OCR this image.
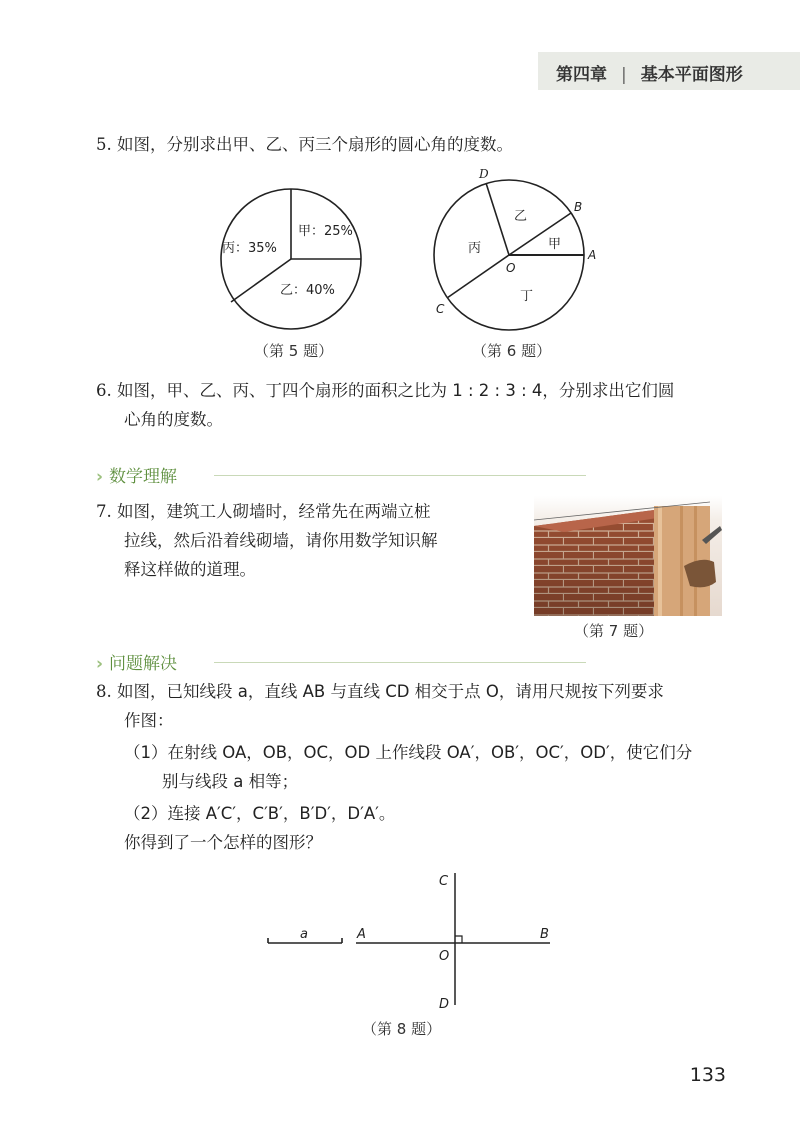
第四章 | 基本平面图形
5. 如图，分别求出甲、乙、丙三个扇形的圆心角的度数。
甲：25%
乙：40%
丙：35%
（第 5 题）
D
B
A
C
O
甲
乙
丙
丁
（第 6 题）
6. 如图，甲、乙、丙、丁四个扇形的面积之比为 1 : 2 : 3 : 4，分别求出它们圆
心角的度数。
› 数学理解
7. 如图，建筑工人砌墙时，经常先在两端立桩
拉线，然后沿着线砌墙，请你用数学知识解
释这样做的道理。
（第 7 题）
› 问题解决
8. 如图，已知线段 a，直线 AB 与直线 CD 相交于点 O，请用尺规按下列要求
作图：
（1）在射线 OA，OB，OC，OD 上作线段 OA′，OB′，OC′，OD′，使它们分
别与线段 a 相等；
（2）连接 A′C′，C′B′，B′D′，D′A′。
你得到了一个怎样的图形？
a	A	B
C
D
O
（第 8 题）
133
